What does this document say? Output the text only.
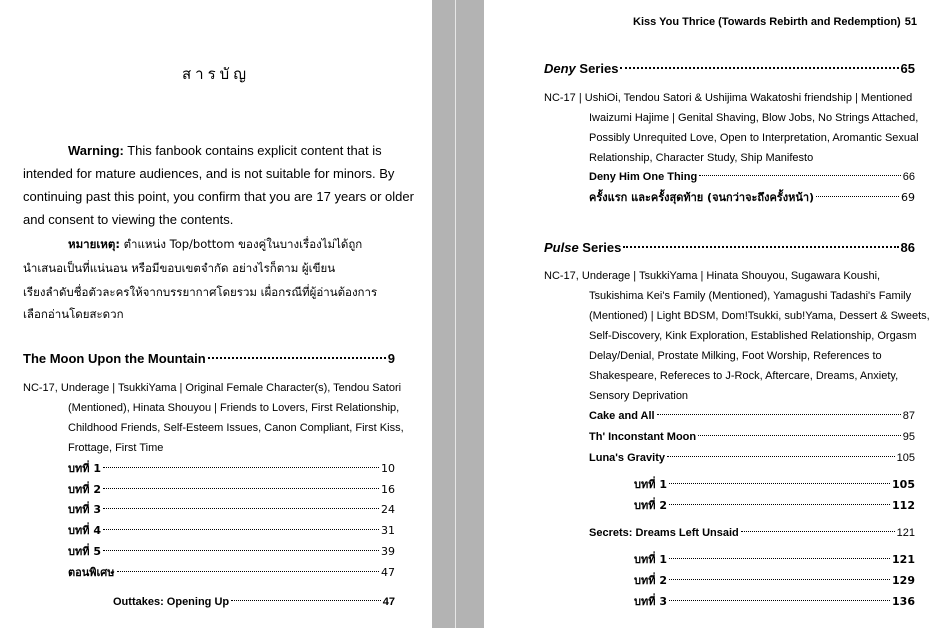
สารบัญ
Warning: This fanbook contains explicit content that is
intended for mature audiences, and is not suitable for minors. By
continuing past this point, you confirm that you are 17 years or older
and consent to viewing the contents.
หมายเหตุ: ตำแหน่ง Top/bottom ของคู่ในบางเรื่องไม่ได้ถูก
นำเสนอเป็นที่แน่นอน หรือมีขอบเขตจำกัด อย่างไรก็ตาม ผู้เขียน
เรียงลำดับชื่อตัวละครให้จากบรรยากาศโดยรวม เผื่อกรณีที่ผู้อ่านต้องการ
เลือกอ่านโดยสะดวก
The Moon Upon the Mountain	9
NC-17, Underage | TsukkiYama | Original Female Character(s), Tendou Satori
(Mentioned), Hinata Shouyou | Friends to Lovers, First Relationship,
Childhood Friends, Self-Esteem Issues, Canon Compliant, First Kiss,
Frottage, First Time
บทที่ 1	10
บทที่ 2	16
บทที่ 3	24
บทที่ 4	31
บทที่ 5	39
ตอนพิเศษ	47
Outtakes: Opening Up	47
Kiss You Thrice (Towards Rebirth and Redemption) 51
Deny Series	65
NC-17 | UshiOi, Tendou Satori & Ushijima Wakatoshi friendship | Mentioned
Iwaizumi Hajime | Genital Shaving, Blow Jobs, No Strings Attached,
Possibly Unrequited Love, Open to Interpretation, Aromantic Sexual
Relationship, Character Study, Ship Manifesto
Deny Him One Thing	66
ครั้งแรก และครั้งสุดท้าย (จนกว่าจะถึงครั้งหน้า)	69
Pulse Series	86
NC-17, Underage | TsukkiYama | Hinata Shouyou, Sugawara Koushi,
Tsukishima Kei's Family (Mentioned), Yamagushi Tadashi's Family
(Mentioned) | Light BDSM, Dom!Tsukki, sub!Yama, Dessert & Sweets,
Self-Discovery, Kink Exploration, Established Relationship, Orgasm
Delay/Denial, Prostate Milking, Foot Worship, References to
Shakespeare, Refereces to J-Rock, Aftercare, Dreams, Anxiety,
Sensory Deprivation
Cake and All	87
Th' Inconstant Moon	95
Luna's Gravity	105
บทที่ 1	105
บทที่ 2	112
Secrets: Dreams Left Unsaid	121
บทที่ 1	121
บทที่ 2	129
บทที่ 3	136
